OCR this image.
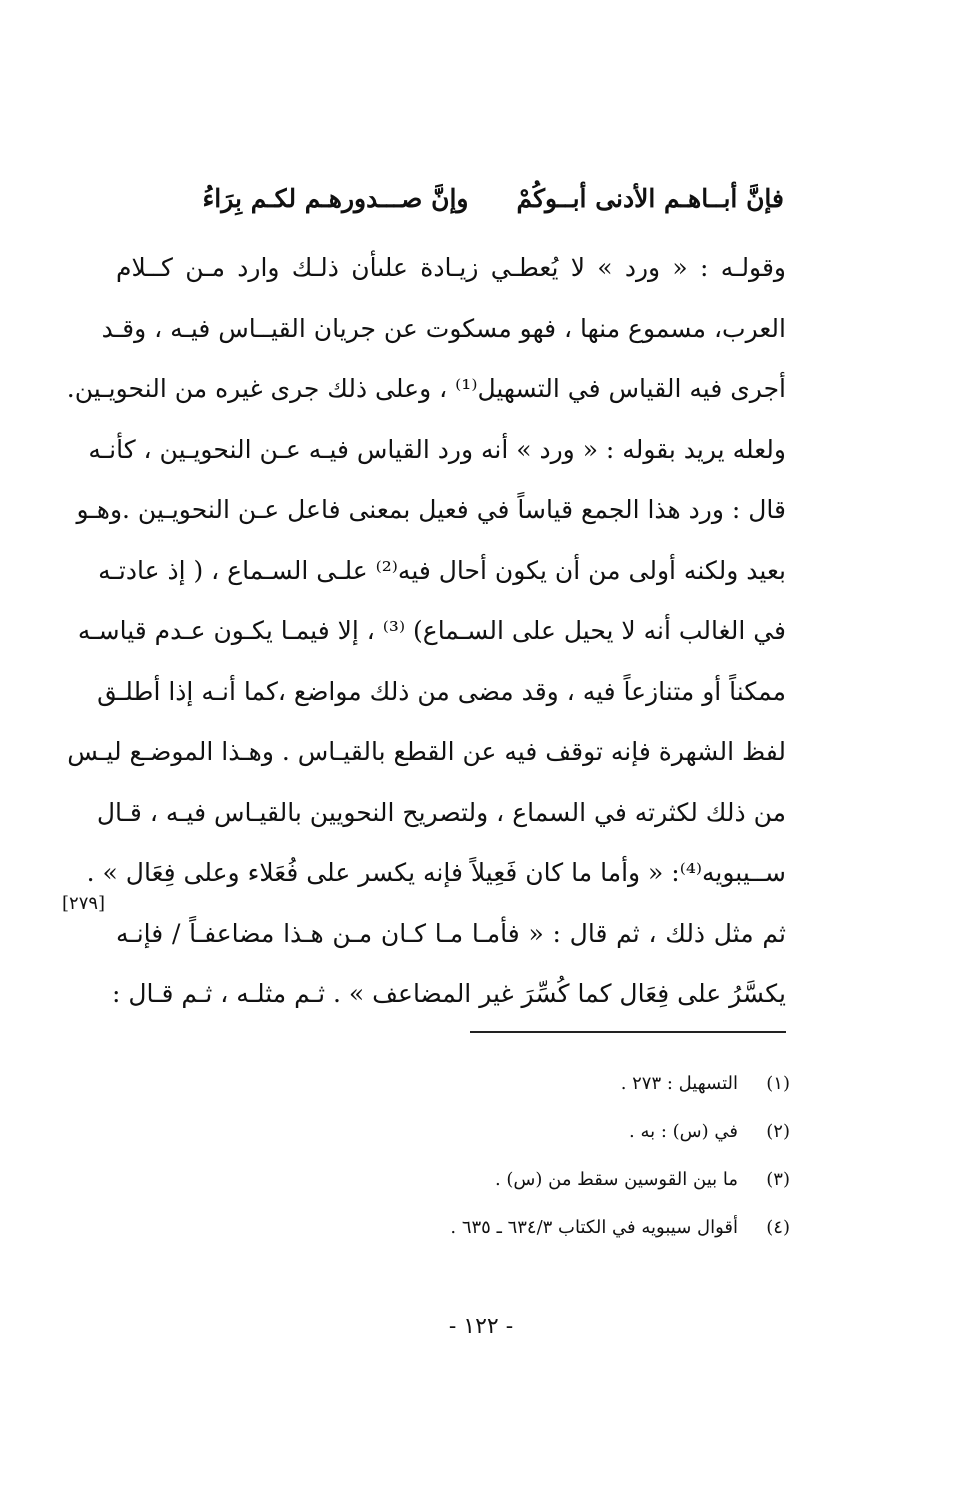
فإنَّ أبــاهـم الأدنى أبــوكُمْ
وإنَّ صـــدورهـم لكـم بِرَاءُ
وقولـه : « ورد » لا يُعطـي زيـادة علىأن ذلـك وارد مـن كــلام
العرب، مسموع منها ، فهو مسكوت عن جريان القيــاس فيـه ، وقـد
أجرى فيه القياس في التسهيل⁽¹⁾ ، وعلى ذلك جرى غيره من النحويـين.
ولعله يريد بقوله : « ورد » أنه ورد القياس فيـه عـن النحويـين ، كأنـه
قال : ورد هذا الجمع قياساً في فعيل بمعنى فاعل عـن النحويـين .وهـو
بعيد ولكنه أولى من أن يكون أحال فيه⁽²⁾ علـى السـماع ، ( إذ عادتـه
في الغالب أنه لا يحيل على السـماع) ⁽³⁾ ، إلا فيمـا يكـون عـدم قياسـه
ممكناً أو متنازعاً فيه ، وقد مضى من ذلك مواضع ،كما أنـه إذا أطلـق
لفظ الشهرة فإنه توقف فيه عن القطع بالقيـاس . وهـذا الموضـع ليـس
من ذلك لكثرته في السماع ، ولتصريح النحويين بالقيـاس فيـه ، قـال
ســيبويه⁽⁴⁾: « وأما ما كان فَعِيلاً فإنه يكسر على فُعَلاء وعلى فِعَال » .
ثم مثل ذلك ، ثم قال : « فأمـا مـا كـان مـن هـذا مضاعفـاً / فإنـه
يكسَّرُ على فِعَال كما كُسِّرَ غير المضاعف » . ثـم مثلـه ، ثـم قـال :
[٢٧٩]
(١)
التسهيل : ٢٧٣ .
(٢)
في (س) : به .
(٣)
ما بين القوسين سقط من (س) .
(٤)
أقوال سيبويه في الكتاب ٦٣٤/٣ ـ ٦٣٥ .
- ١٢٢ -
